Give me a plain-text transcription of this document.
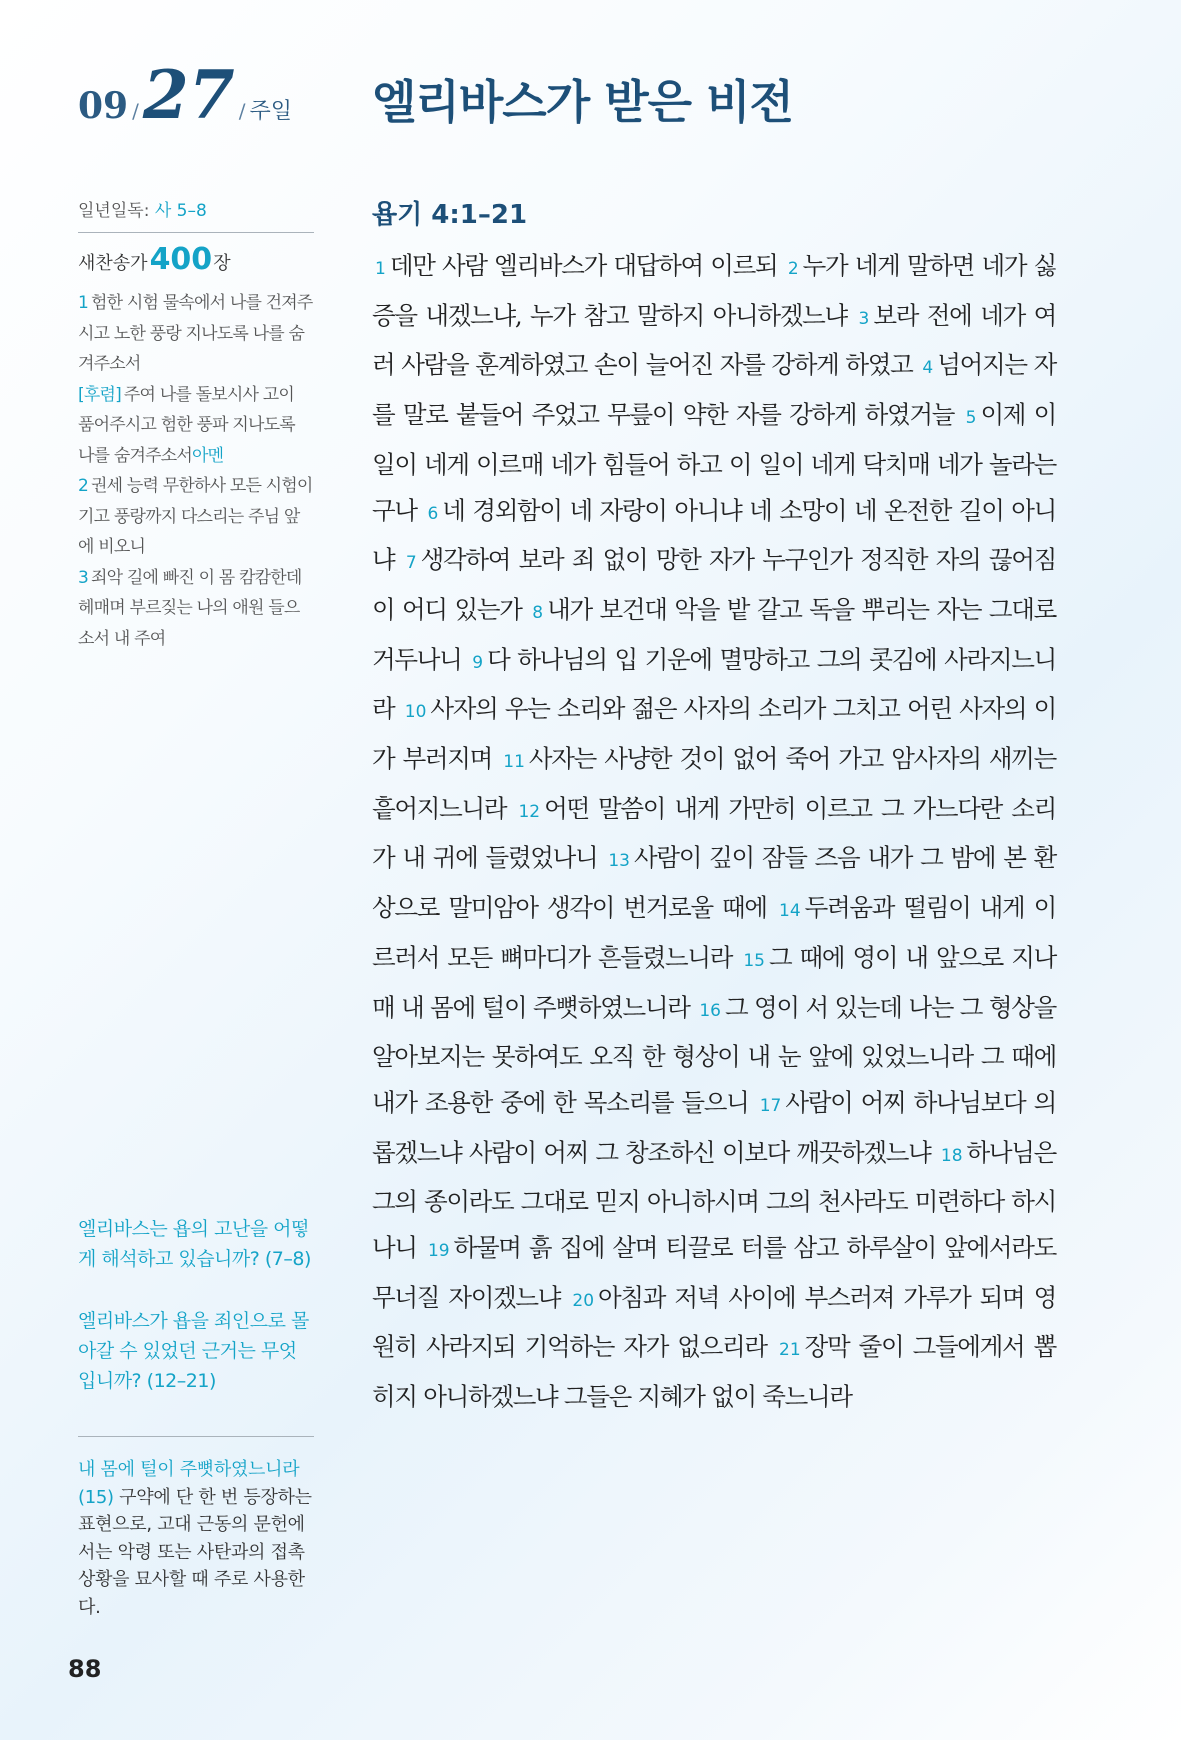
09 / 27 / 주일 엘리바스가 받은 비전
일년일독: 사 5–8
새찬송가 400 장

1 험한 시험 물속에서 나를 건져주시고 노한 풍랑 지나도록 나를 숨겨주소서

[후렴] 주여 나를 돌보시사 고이 품어주시고 험한 풍파 지나도록 나를 숨겨주소서아멘

2 권세 능력 무한하사 모든 시험이기고 풍랑까지 다스리는 주님 앞에 비오니

3 죄악 길에 빠진 이 몸 캄캄한데 헤매며 부르짖는 나의 애원 들으소서 내 주여

엘리바스는 욥의 고난을 어떻게 해석하고 있습니까? (7–8)
엘리바스가 욥을 죄인으로 몰아갈 수 있었던 근거는 무엇입니까? (12–21)
내 몸에 털이 주뼛하였느니라 (15) 구약에 단 한 번 등장하는 표현으로, 고대 근동의 문헌에서는 악령 또는 사탄과의 접촉 상황을 묘사할 때 주로 사용한다.
88
욥기 4:1–21

1 데만 사람 엘리바스가 대답하여 이르되 2 누가 네게 말하면 네가 싫증을 내겠느냐, 누가 참고 말하지 아니하겠느냐 3 보라 전에 네가 여러 사람을 훈계하였고 손이 늘어진 자를 강하게 하였고 4 넘어지는 자를 말로 붙들어 주었고 무릎이 약한 자를 강하게 하였거늘 5 이제 이 일이 네게 이르매 네가 힘들어 하고 이 일이 네게 닥치매 네가 놀라는구나 6 네 경외함이 네 자랑이 아니냐 네 소망이 네 온전한 길이 아니냐 7 생각하여 보라 죄 없이 망한 자가 누구인가 정직한 자의 끊어짐이 어디 있는가 8 내가 보건대 악을 밭 갈고 독을 뿌리는 자는 그대로 거두나니 9 다 하나님의 입 기운에 멸망하고 그의 콧김에 사라지느니라 10 사자의 우는 소리와 젊은 사자의 소리가 그치고 어린 사자의 이가 부러지며 11 사자는 사냥한 것이 없어 죽어 가고 암사자의 새끼는 흩어지느니라 12 어떤 말씀이 내게 가만히 이르고 그 가느다란 소리가 내 귀에 들렸었나니 13 사람이 깊이 잠들 즈음 내가 그 밤에 본 환상으로 말미암아 생각이 번거로울 때에 14 두려움과 떨림이 내게 이르러서 모든 뼈마디가 흔들렸느니라 15 그 때에 영이 내 앞으로 지나매 내 몸에 털이 주뼛하였느니라 16 그 영이 서 있는데 나는 그 형상을 알아보지는 못하여도 오직 한 형상이 내 눈 앞에 있었느니라 그 때에 내가 조용한 중에 한 목소리를 들으니 17 사람이 어찌 하나님보다 의롭겠느냐 사람이 어찌 그 창조하신 이보다 깨끗하겠느냐 18 하나님은 그의 종이라도 그대로 믿지 아니하시며 그의 천사라도 미련하다 하시나니 19 하물며 흙 집에 살며 티끌로 터를 삼고 하루살이 앞에서라도 무너질 자이겠느냐 20 아침과 저녁 사이에 부스러져 가루가 되며 영원히 사라지되 기억하는 자가 없으리라 21 장막 줄이 그들에게서 뽑히지 아니하겠느냐 그들은 지혜가 없이 죽느니라
